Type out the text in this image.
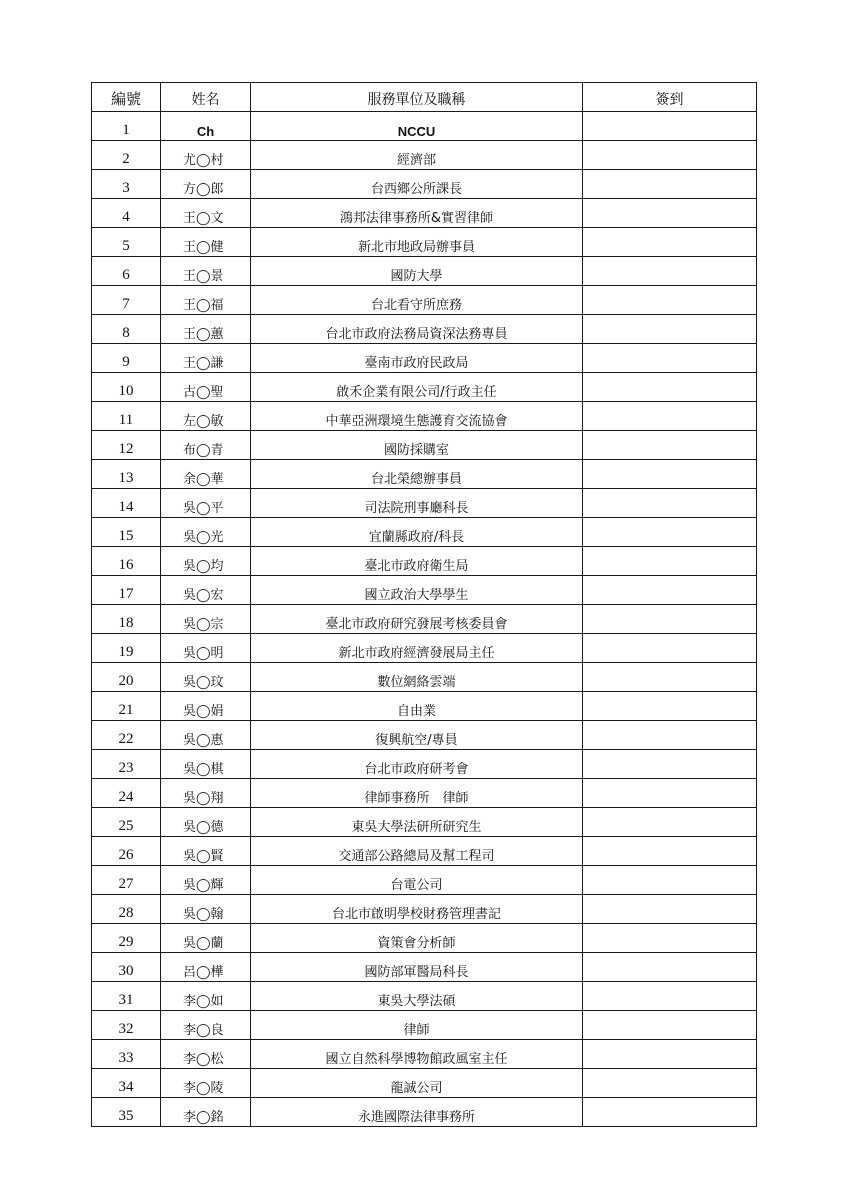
編號	姓名	服務單位及職稱	簽到
1	Ch	NCCU	
2	尤◯村	經濟部	
3	方◯郎	台西鄉公所課長	
4	王◯文	鴻邦法律事務所&實習律師	
5	王◯健	新北市地政局辦事員	
6	王◯景	國防大學	
7	王◯福	台北看守所庶務	
8	王◯蕙	台北市政府法務局資深法務專員	
9	王◯謙	臺南市政府民政局	
10	古◯聖	啟禾企業有限公司/行政主任	
11	左◯敏	中華亞洲環境生態護育交流協會	
12	布◯青	國防採購室	
13	余◯華	台北榮總辦事員	
14	吳◯平	司法院刑事廳科長	
15	吳◯光	宜蘭縣政府/科長	
16	吳◯均	臺北市政府衛生局	
17	吳◯宏	國立政治大學學生	
18	吳◯宗	臺北市政府研究發展考核委員會	
19	吳◯明	新北市政府經濟發展局主任	
20	吳◯玟	數位網絡雲端	
21	吳◯娟	自由業	
22	吳◯惠	復興航空/專員	
23	吳◯棋	台北市政府研考會	
24	吳◯翔	律師事務所　律師	
25	吳◯德	東吳大學法研所研究生	
26	吳◯賢	交通部公路總局及幫工程司	
27	吳◯輝	台電公司	
28	吳◯翰	台北市啟明學校財務管理書記	
29	吳◯蘭	資策會分析師	
30	呂◯樺	國防部軍醫局科長	
31	李◯如	東吳大學法碩	
32	李◯良	律師	
33	李◯松	國立自然科學博物館政風室主任	
34	李◯陵	龍誠公司	
35	李◯銘	永進國際法律事務所	
